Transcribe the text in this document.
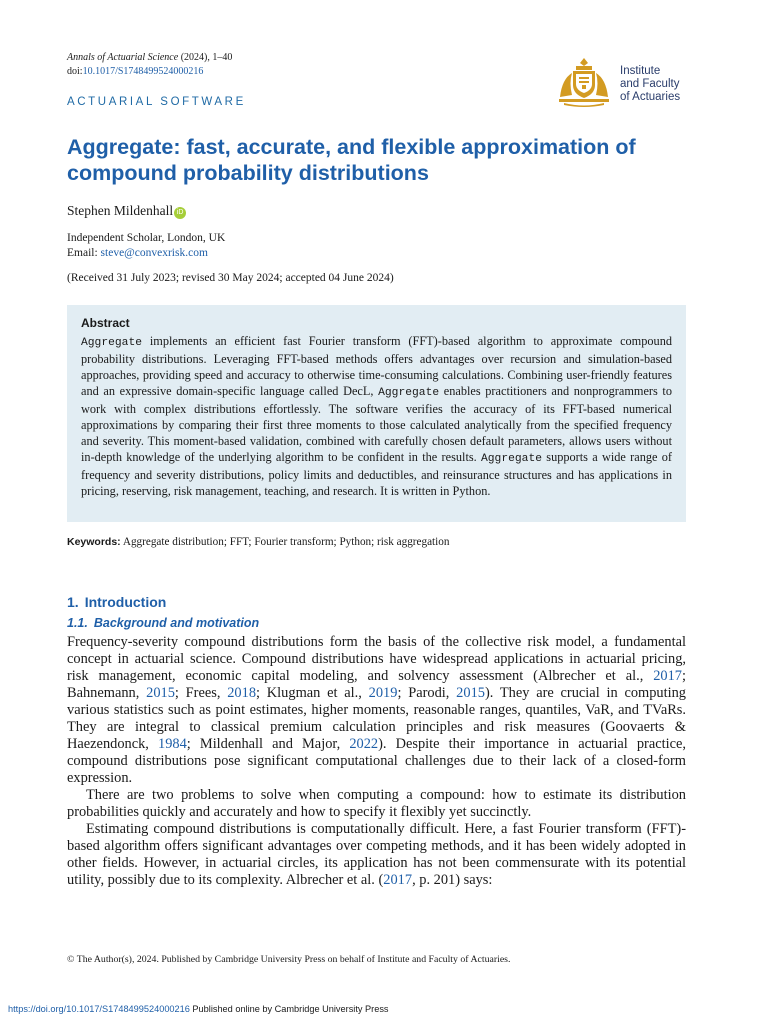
Annals of Actuarial Science (2024), 1–40
doi:10.1017/S1748499524000216	Institute
and Faculty
of Actuaries
ACTUARIAL SOFTWARE
Aggregate: fast, accurate, and flexible approximation of compound probability distributions
Stephen Mildenhall iD
Independent Scholar, London, UK
Email: steve@convexrisk.com
(Received 31 July 2023; revised 30 May 2024; accepted 04 June 2024)
Abstract
Aggregate implements an efficient fast Fourier transform (FFT)-based algorithm to approximate compound probability distributions. Leveraging FFT-based methods offers advantages over recursion and simulation-based approaches, providing speed and accuracy to otherwise time-consuming calculations. Combining user-friendly features and an expressive domain-specific language called DecL, Aggregate enables practitioners and nonprogrammers to work with complex distributions effortlessly. The software verifies the accuracy of its FFT-based numerical approximations by comparing their first three moments to those calculated analytically from the specified frequency and severity. This moment-based validation, combined with carefully chosen default parameters, allows users without in-depth knowledge of the underlying algorithm to be confident in the results. Aggregate supports a wide range of frequency and severity distributions, policy limits and deductibles, and reinsurance structures and has applications in pricing, reserving, risk management, teaching, and research. It is written in Python.
Keywords: Aggregate distribution; FFT; Fourier transform; Python; risk aggregation
1. Introduction
1.1. Background and motivation

Frequency-severity compound distributions form the basis of the collective risk model, a fundamental concept in actuarial science. Compound distributions have widespread applications in actuarial pricing, risk management, economic capital modeling, and solvency assessment (Albrecher et al., 2017; Bahnemann, 2015; Frees, 2018; Klugman et al., 2019; Parodi, 2015). They are crucial in computing various statistics such as point estimates, higher moments, reasonable ranges, quantiles, VaR, and TVaRs. They are integral to classical premium calculation principles and risk measures (Goovaerts & Haezendonck, 1984; Mildenhall and Major, 2022). Despite their importance in actuarial practice, compound distributions pose significant computational challenges due to their lack of a closed-form expression.

There are two problems to solve when computing a compound: how to estimate its distribution probabilities quickly and accurately and how to specify it flexibly yet succinctly.

Estimating compound distributions is computationally difficult. Here, a fast Fourier transform (FFT)-based algorithm offers significant advantages over competing methods, and it has been widely adopted in other fields. However, in actuarial circles, its application has not been commensurate with its potential utility, possibly due to its complexity. Albrecher et al. (2017, p. 201) says:

© The Author(s), 2024. Published by Cambridge University Press on behalf of Institute and Faculty of Actuaries.
https://doi.org/10.1017/S1748499524000216 Published online by Cambridge University Press
